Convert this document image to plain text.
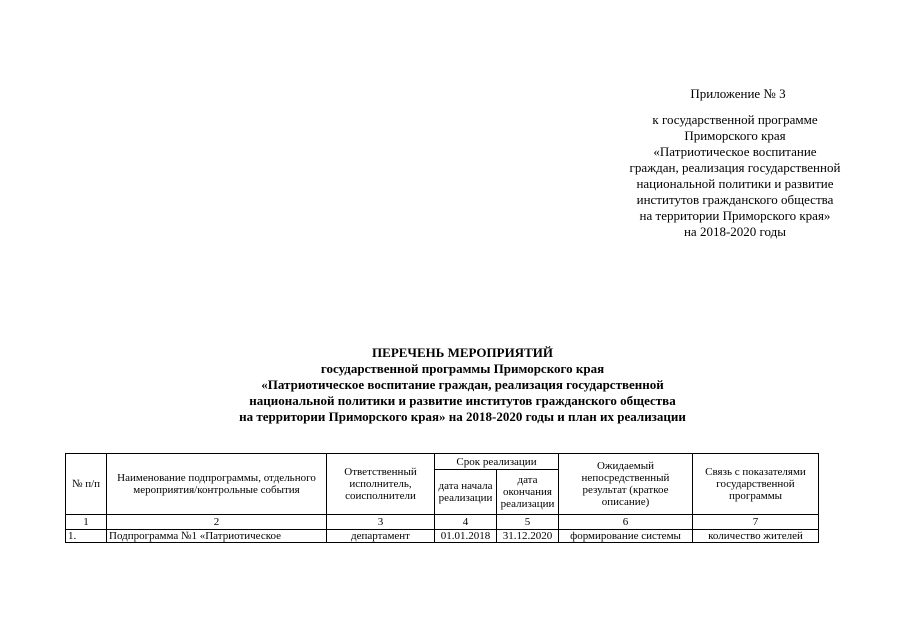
Приложение № 3
к государственной программе
Приморского края
«Патриотическое воспитание
граждан, реализация государственной
национальной политики и развитие
институтов гражданского общества
на территории Приморского края»
на 2018-2020 годы
ПЕРЕЧЕНЬ МЕРОПРИЯТИЙ
государственной программы Приморского края
«Патриотическое воспитание граждан, реализация государственной
национальной политики и развитие институтов гражданского общества
на территории Приморского края» на 2018-2020 годы и план их реализации
№ п/п	Наименование подпрограммы, отдельного мероприятия/контрольные события	Ответственный исполнитель, соисполнители	Срок реализации		Ожидаемый непосредственный результат (краткое описание)	Связь с показателями государственной программы
			дата начала реализации	дата окончания реализации		
1	2	3	4	5	6	7
1.	Подпрограмма №1 «Патриотическое	департамент	01.01.2018	31.12.2020	формирование системы	количество жителей
